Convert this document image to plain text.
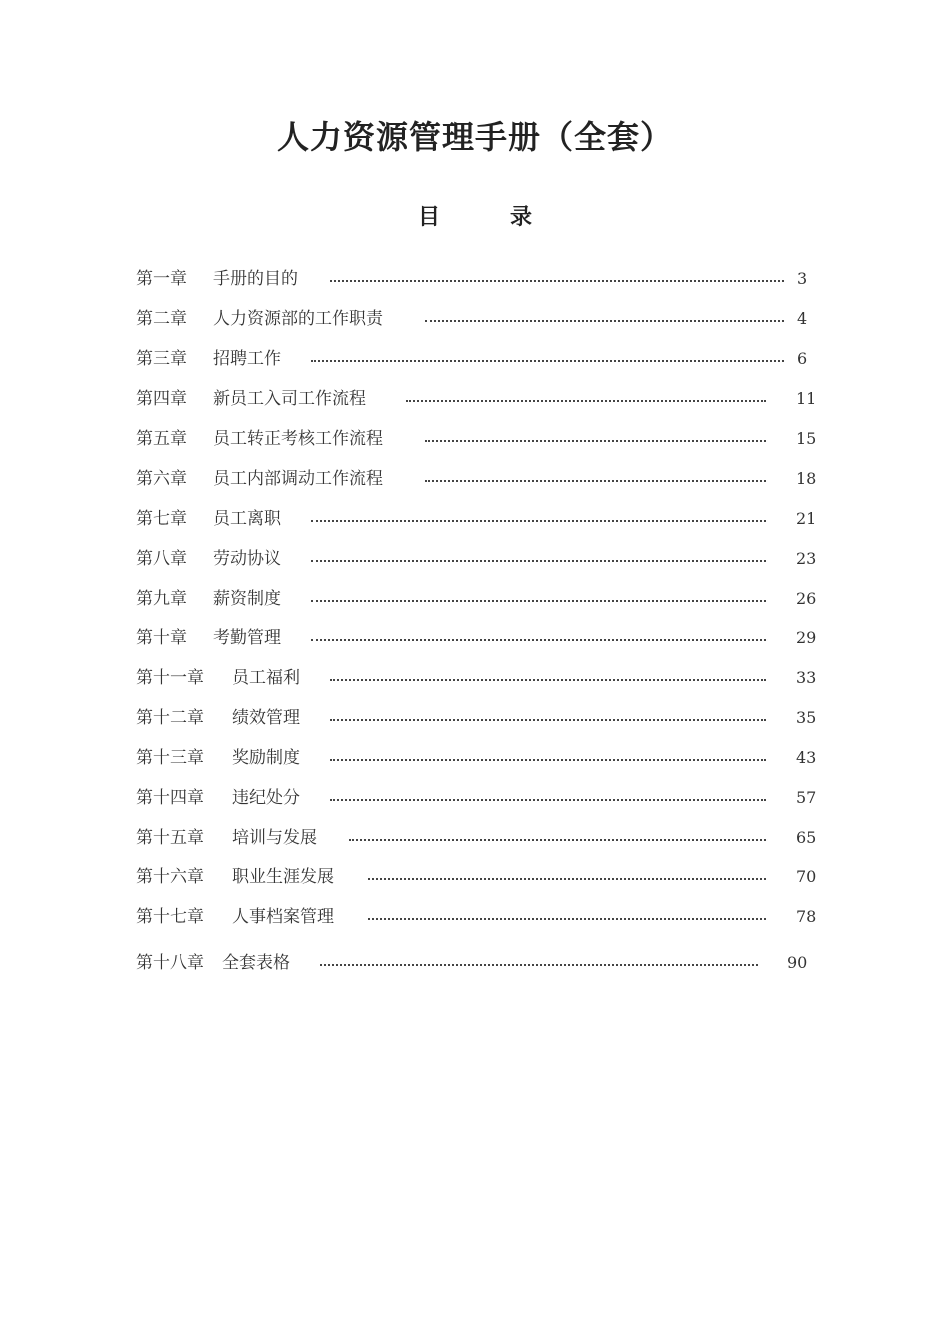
人力资源管理手册（全套）
目	录
第一章 手册的目的	3
第二章 人力资源部的工作职责	4
第三章 招聘工作	6
第四章 新员工入司工作流程	11
第五章 员工转正考核工作流程	15
第六章 员工内部调动工作流程	18
第七章 员工离职	21
第八章 劳动协议	23
第九章 薪资制度	26
第十章 考勤管理	29
第十一章 员工福利	33
第十二章 绩效管理	35
第十三章 奖励制度	43
第十四章 违纪处分	57
第十五章 培训与发展	65
第十六章 职业生涯发展	70
第十七章 人事档案管理	78
第十八章 全套表格	90
